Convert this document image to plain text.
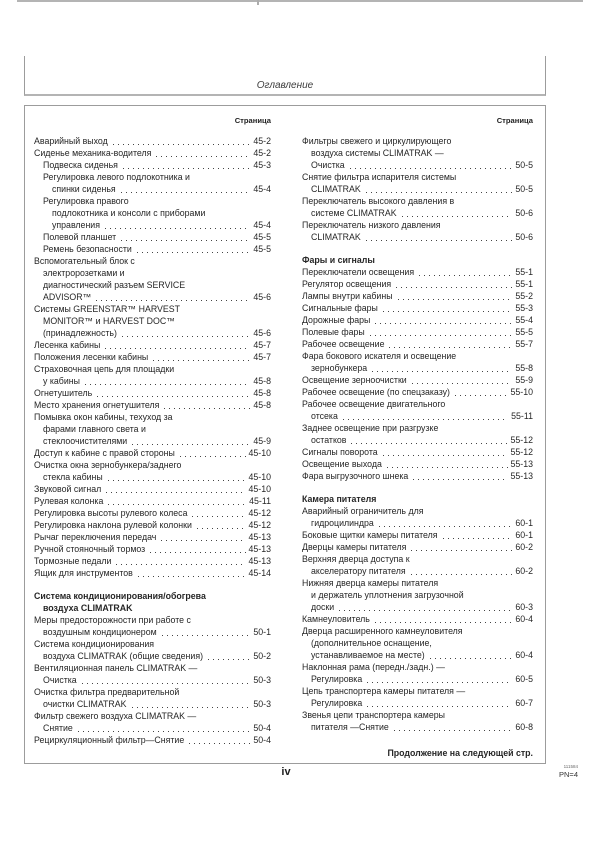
Оглавление
Страница
Аварийный выход	45-2
Сиденье механика-водителя	45-2
Подвеска сиденья	45-3
Регулировка левого подлокотника и
спинки сиденья	45-4
Регулировка правого
подлокотника и консоли с приборами
управления	45-4
Полевой планшет	45-5
Ремень безопасности	45-5
Вспомогательный блок с
электророзетками и
диагностический разъем SERVICE
ADVISOR™	45-6
Системы GREENSTAR™ HARVEST
MONITOR™ и HARVEST DOC™
(принадлежность)	45-6
Лесенка кабины	45-7
Положения лесенки кабины	45-7
Страховочная цепь для площадки
у кабины	45-8
Огнетушитель	45-8
Место хранения огнетушителя	45-8
Помывка окон кабины, техуход за
фарами главного света и
стеклоочистителями	45-9
Доступ к кабине с правой стороны	45-10
Очистка окна зернобункера/заднего
стекла кабины	45-10
Звуковой сигнал	45-10
Рулевая колонка	45-11
Регулировка высоты рулевого колеса	45-12
Регулировка наклона рулевой колонки	45-12
Рычаг переключения передач	45-13
Ручной стояночный тормоз	45-13
Тормозные педали	45-13
Ящик для инструментов	45-14
Система кондиционирования/обогрева
воздуха CLIMATRAK
Меры предосторожности при работе с
воздушным кондиционером	50-1
Система кондиционирования
воздуха CLIMATRAK (общие сведения)	50-2
Вентиляционная панель CLIMATRAK —
Очистка	50-3
Очистка фильтра предварительной
очистки CLIMATRAK	50-3
Фильтр свежего воздуха CLIMATRAK —
Снятие	50-4
Рециркуляционный фильтр—Снятие	50-4
Страница
Фильтры свежего и циркулирующего
воздуха системы CLIMATRAK —
Очистка	50-5
Снятие фильтра испарителя системы
CLIMATRAK	50-5
Переключатель высокого давления в
системе CLIMATRAK	50-6
Переключатель низкого давления
CLIMATRAK	50-6
Фары и сигналы
Переключатели освещения	55-1
Регулятор освещения	55-1
Лампы внутри кабины	55-2
Сигнальные фары	55-3
Дорожные фары	55-4
Полевые фары	55-5
Рабочее освещение	55-7
Фара бокового искателя и освещение
зернобункера	55-8
Освещение зерноочистки	55-9
Рабочее освещение (по спецзаказу)	55-10
Рабочее освещение двигательного
отсека	55-11
Заднее освещение при разгрузке
остатков	55-12
Сигналы поворота	55-12
Освещение выхода	55-13
Фара выгрузочного шнека	55-13
Камера питателя
Аварийный ограничитель для
гидроцилиндра	60-1
Боковые щитки камеры питателя	60-1
Дверцы камеры питателя	60-2
Верхняя дверца доступа к
акселератору питателя	60-2
Нижняя дверца камеры питателя
и держатель уплотнения загрузочной
доски	60-3
Камнеуловитель	60-4
Дверца расширенного камнеуловителя
(дополнительное оснащение,
устанавливаемое на месте)	60-4
Наклонная рама (передн./задн.) —
Регулировка	60-5
Цепь транспортера камеры питателя —
Регулировка	60-7
Звенья цепи транспортера камеры
питателя —Снятие	60-8
Продолжение на следующей стр.
iv	111584
PN=4
